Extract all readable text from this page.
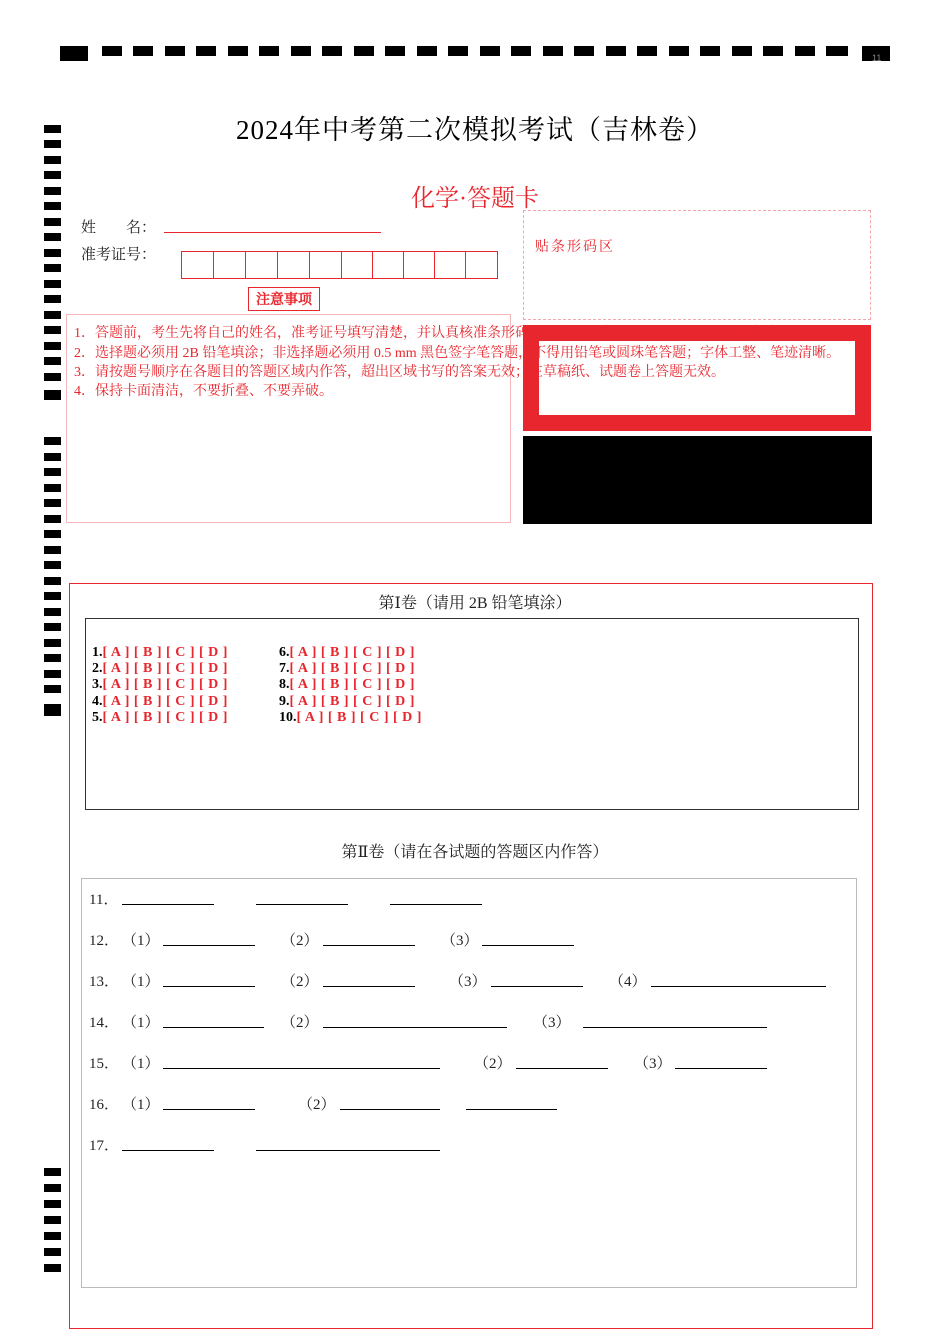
11
2024年中考第二次模拟考试（吉林卷）
化学·答题卡
姓　　名：
准考证号：
注意事项
贴条形码区
1．答题前，考生先将自己的姓名，准考证号填写清楚，并认真核准条形码上的姓名、准考证号，在规定位置贴好条形码。
2．选择题必须用 2B 铅笔填涂；非选择题必须用 0.5 mm 黑色签字笔答题，不得用铅笔或圆珠笔答题；字体工整、笔迹清晰。
3．请按题号顺序在各题目的答题区域内作答，超出区域书写的答案无效；在草稿纸、试题卷上答题无效。
4．保持卡面清洁，不要折叠、不要弄破。
第Ⅰ卷（请用 2B 铅笔填涂）
1.[ A ] [ B ] [ C ] [ D ]
2.[ A ] [ B ] [ C ] [ D ]
3.[ A ] [ B ] [ C ] [ D ]
4.[ A ] [ B ] [ C ] [ D ]
5.[ A ] [ B ] [ C ] [ D ]
6.[ A ] [ B ] [ C ] [ D ]
7.[ A ] [ B ] [ C ] [ D ]
8.[ A ] [ B ] [ C ] [ D ]
9.[ A ] [ B ] [ C ] [ D ]
10.[ A ] [ B ] [ C ] [ D ]
第Ⅱ卷（请在各试题的答题区内作答）
11．
12． （1）	（2）	（3）
13． （1）	（2）	（3）	（4）
14． （1）	（2）	（3）
15． （1）	（2）	（3）
16． （1）	（2）
17．
